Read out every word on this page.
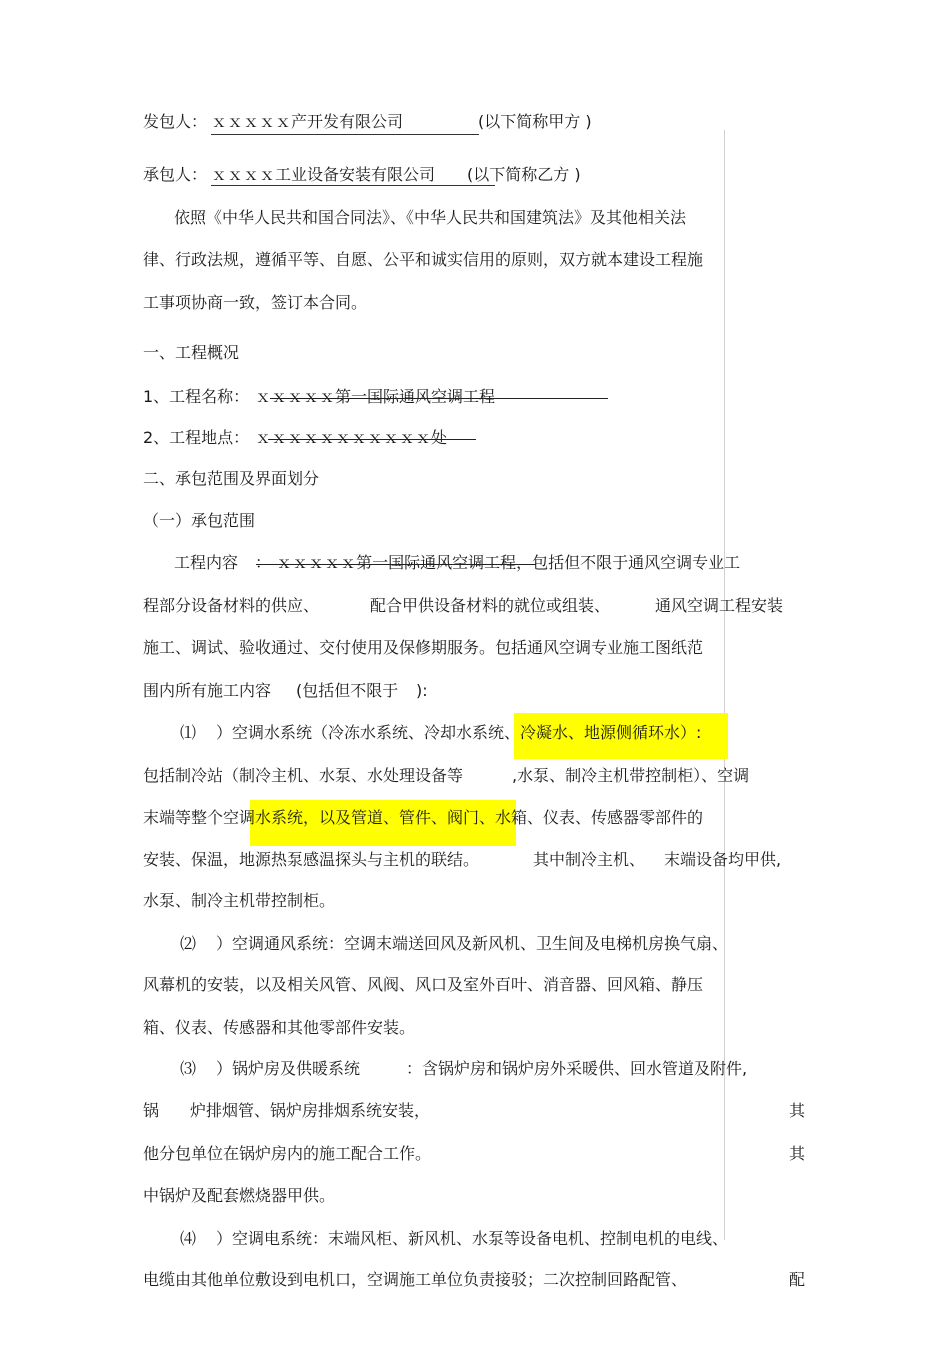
发包人： ｘｘｘｘｘ产开发有限公司	(以下简称甲方 )
承包人： ｘｘｘｘ工业设备安装有限公司 (以下简称乙方 )
依照《中华人民共和国合同法》、《中华人民共和国建筑法》及其他相关法
律、行政法规，遵循平等、自愿、公平和诚实信用的原则，双方就本建设工程施
工事项协商一致，签订本合同。
一、工程概况
1、工程名称： ｘｘｘｘｘ第一国际通风空调工程
2、工程地点： ｘｘｘｘｘｘｘｘｘｘｘ处
二、承包范围及界面划分
（一）承包范围
工程内容 ： ｘｘｘｘｘ第一国际通风空调工程，包括但不限于通风空调专业工
程部分设备材料的供应、	配合甲供设备材料的就位或组装、	通风空调工程安装
施工、调试、验收通过、交付使用及保修期服务。包括通风空调专业施工图纸范
围内所有施工内容 (包括但不限于 ):
⑴ ）空调水系统（冷冻水系统、冷却水系统、冷凝水、地源侧循环水）:
包括制冷站（制冷主机、水泵、水处理设备等	,水泵、制冷主机带控制柜）、空调
末端等整个空调水系统，以及管道、管件、阀门、水箱、仪表、传感器零部件的
安装、保温，地源热泵感温探头与主机的联结。	其中制冷主机、 末端设备均甲供,
水泵、制冷主机带控制柜。
⑵ ）空调通风系统：空调末端送回风及新风机、卫生间及电梯机房换气扇、
风幕机的安装，以及相关风管、风阀、风口及室外百叶、消音器、回风箱、静压
箱、仪表、传感器和其他零部件安装。
⑶ ）锅炉房及供暖系统	：含锅炉房和锅炉房外采暖供、回水管道及附件,
锅 炉排烟管、锅炉房排烟系统安装，	其
他分包单位在锅炉房内的施工配合工作。	其
中锅炉及配套燃烧器甲供。
⑷ ）空调电系统：末端风柜、新风机、水泵等设备电机、控制电机的电线、
电缆由其他单位敷设到电机口，空调施工单位负责接驳；二次控制回路配管、	配
